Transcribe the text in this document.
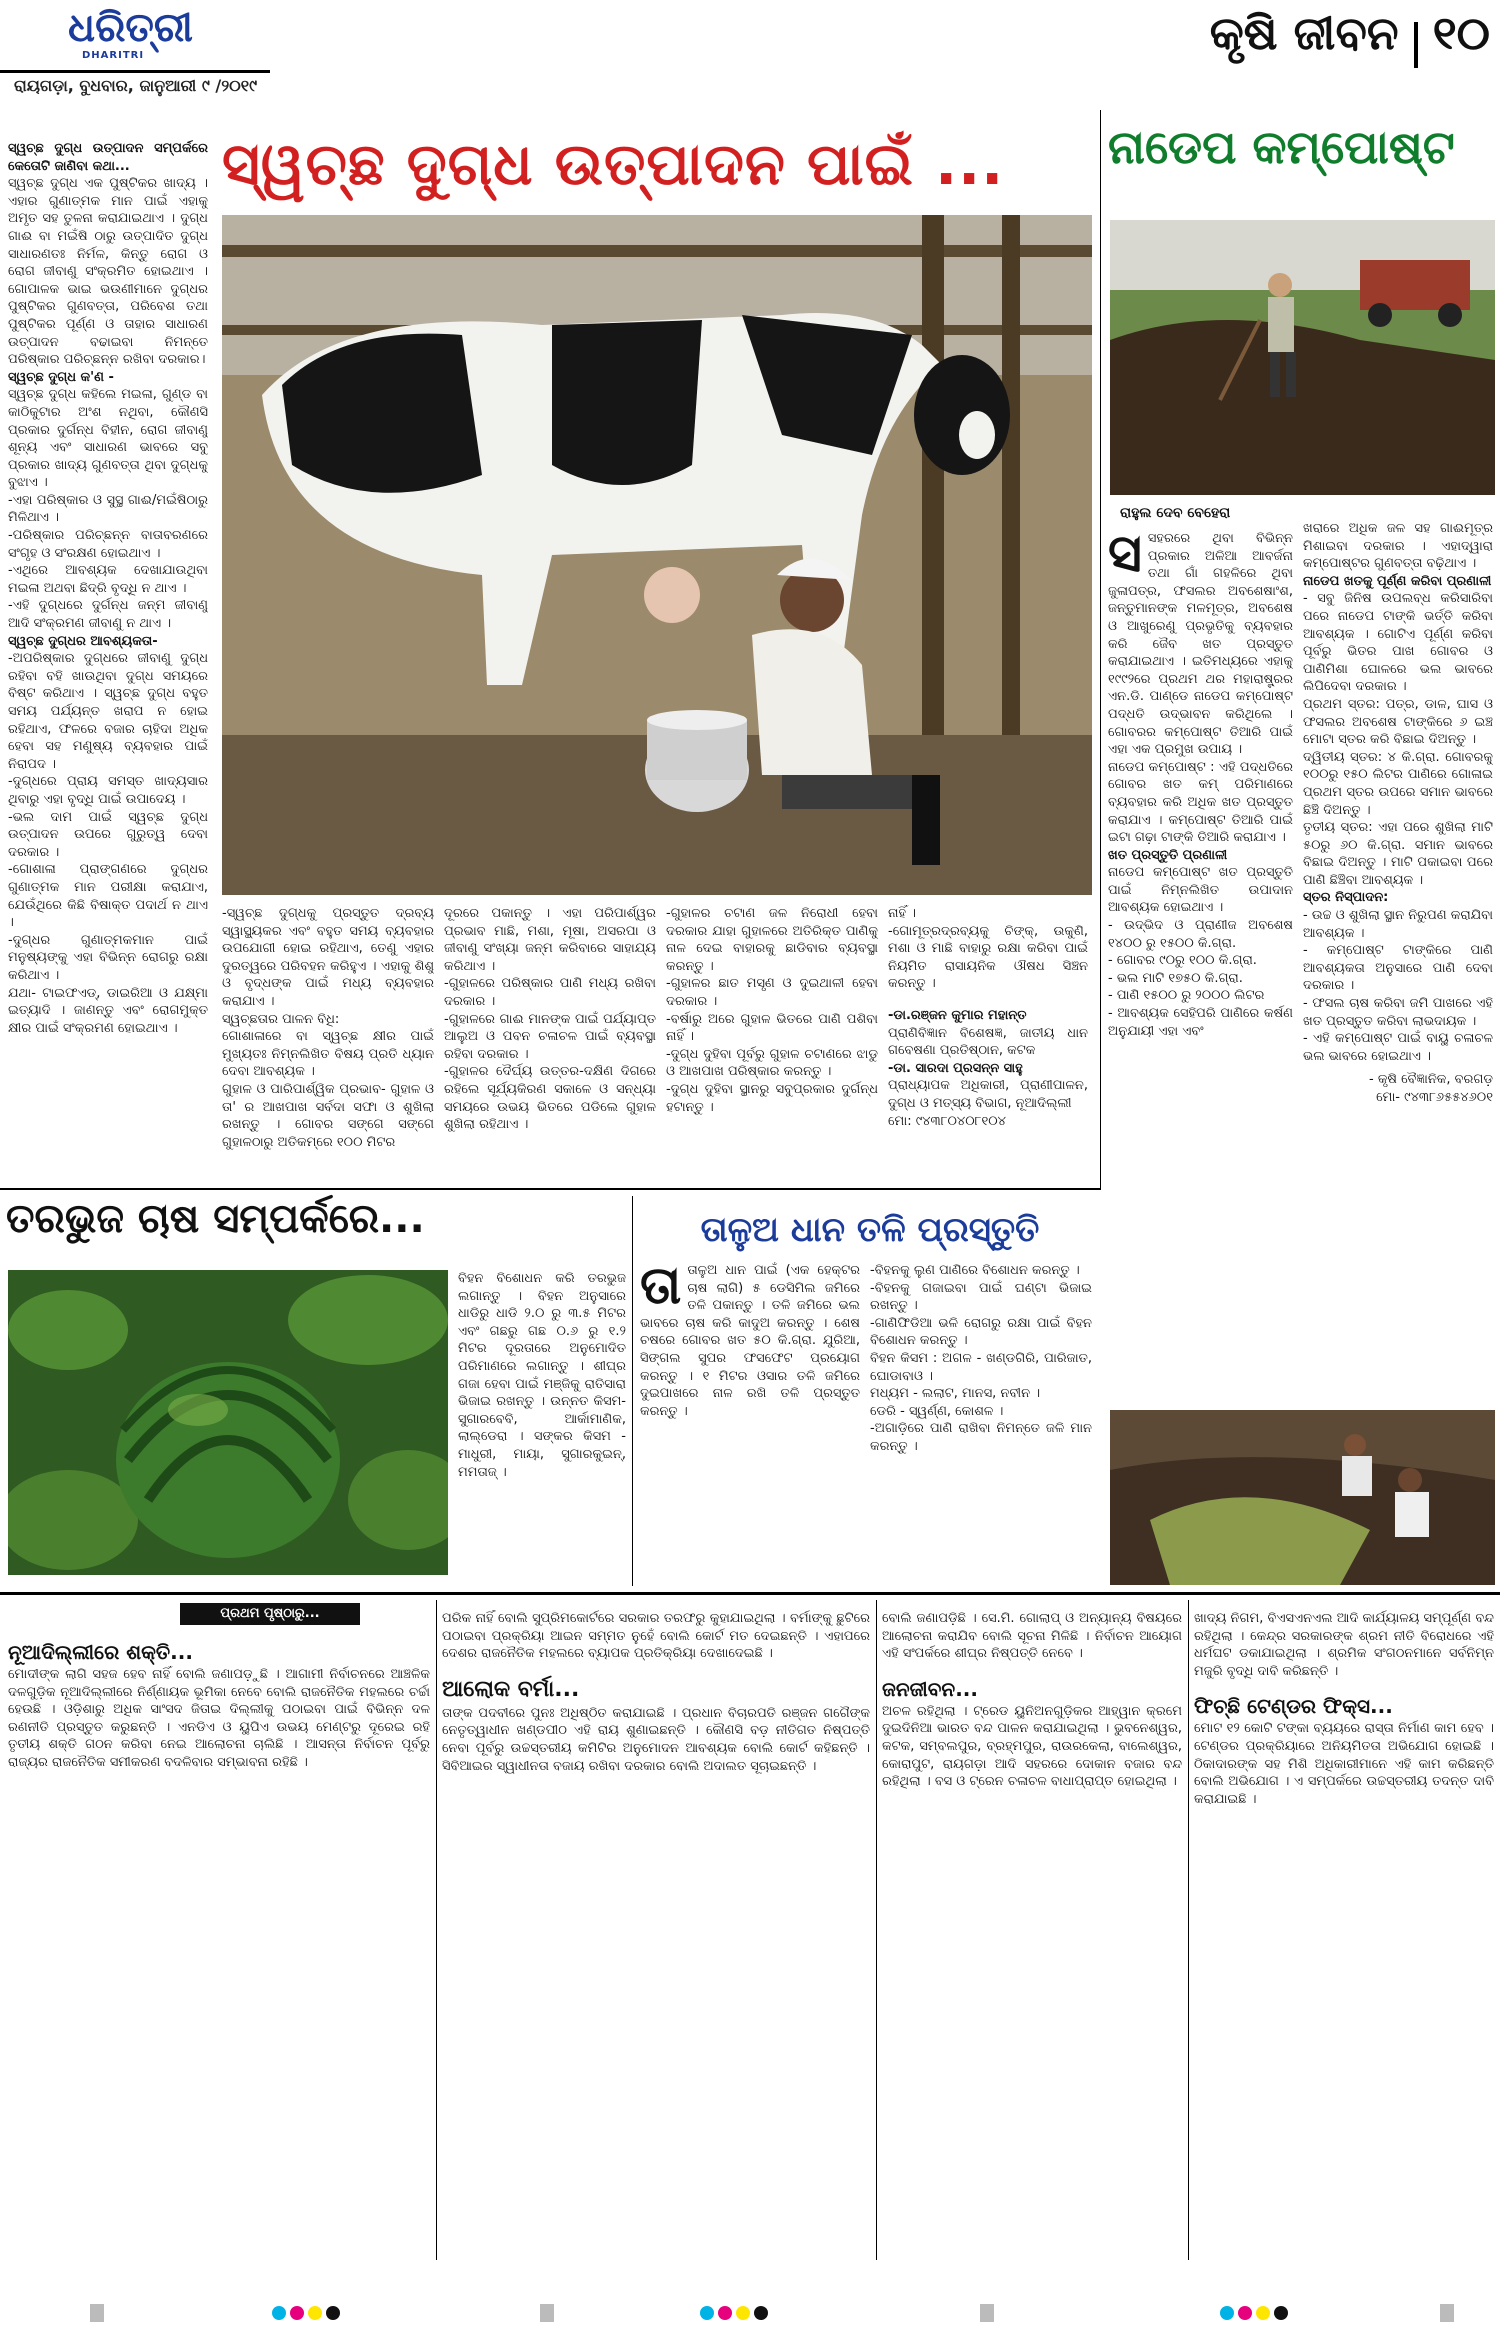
ଧରିତ୍ରୀ
DHARITRI
ରାୟଗଡ଼ା, ବୁଧବାର, ଜାନୁଆରୀ ୯ /୨୦୧୯
କୃଷି ଜୀବନ ୧୦

ସ୍ୱଚ୍ଛ ଦୁଗ୍ଧ ଉତ୍ପାଦନ ସମ୍ପର୍କରେ କେତୋଟି ଜାଣିବା କଥା...

ସ୍ୱଚ୍ଛ ଦୁଗ୍ଧ ଏକ ପୁଷ୍ଟିକର ଖାଦ୍ୟ । ଏହାର ଗୁଣାତ୍ମକ ମାନ ପାଇଁ ଏହାକୁ ଅମୃତ ସହ ତୁଳନା କରାଯାଇଥାଏ । ଦୁଗ୍ଧ ଗାଈ ବା ମଇଁଷି ଠାରୁ ଉତ୍ପାଦିତ ଦୁଗ୍ଧ ସାଧାରଣତଃ ନିର୍ମଳ, କିନ୍ତୁ ରୋଗ ଓ ରୋଗ ଜୀବାଣୁ ସଂକ୍ରମିତ ହୋଇଥାଏ । ଗୋପାଳକ ଭାଇ ଭଉଣୀମାନେ ଦୁଗ୍ଧର ପୁଷ୍ଟିକର ଗୁଣବତ୍ତା, ପରିବେଶ ତଥା ପୁଷ୍ଟିକର ପୂର୍ଣ୍ଣ ଓ ତାହାର ସାଧାରଣ ଉତ୍ପାଦନ ବଢାଇବା ନିମନ୍ତେ ପରିଷ୍କାର ପରିଚ୍ଛନ୍ନ ରଖିବା ଦରକାର।

ସ୍ୱଚ୍ଛ ଦୁଗ୍ଧ କ'ଣ -

ସ୍ୱଚ୍ଛ ଦୁଗ୍ଧ କହିଲେ ମଇଳା, ଗୁଣ୍ଡ ବା କାଠିକୁଟାର ଅଂଶ ନଥିବା, କୌଣସି ପ୍ରକାର ଦୁର୍ଗନ୍ଧ ବିହୀନ, ରୋଗ ଜୀବାଣୁ ଶୂନ୍ୟ ଏବଂ ସାଧାରଣ ଭାବରେ ସବୁ ପ୍ରକାର ଖାଦ୍ୟ ଗୁଣବତ୍ତା ଥିବା ଦୁଗ୍ଧକୁ ବୁଝାଏ ।

-ଏହା ପରିଷ୍କାର ଓ ସୁସ୍ଥ ଗାଈ/ମଇଁଷିଠାରୁ ମିଳିଥାଏ ।

-ପରିଷ୍କାର ପରିଚ୍ଛନ୍ନ ବାତାବରଣରେ ସଂଗୃହ ଓ ସଂରକ୍ଷଣ ହୋଇଥାଏ ।

-ଏଥିରେ ଆବଶ୍ୟକ ଦେଖାଯାଉଥିବା ମଇଳା ଅଥବା ଛିଦ୍ରି ବୃଦ୍ଧି ନ ଥାଏ ।

-ଏହି ଦୁଗ୍ଧରେ ଦୁର୍ଗନ୍ଧ ଜନ୍ମ ଜୀବାଣୁ ଆଦି ସଂକ୍ରମଣ ଜୀବାଣୁ ନ ଥାଏ ।

ସ୍ୱଚ୍ଛ ଦୁଗ୍ଧର ଆବଶ୍ୟକତା-

-ଅପରିଷ୍କାର ଦୁଗ୍ଧରେ ଜୀବାଣୁ ଦୁଗ୍ଧ ରହିବା ବହି ଖାଉଥିବା ଦୁଗ୍ଧ ସମୟରେ ବିଷ୍ଟ କରିଥାଏ । ସ୍ୱଚ୍ଛ ଦୁଗ୍ଧ ବହୁତ ସମୟ ପର୍ଯ୍ୟନ୍ତ ଖରାପ ନ ହୋଇ ରହିଥାଏ, ଫଳରେ ବଜାର ଚାହିଦା ଅଧିକ ହେବା ସହ ମଣୁଷ୍ୟ ବ୍ୟବହାର ପାଇଁ ନିରାପଦ ।

-ଦୁଗ୍ଧରେ ପ୍ରାୟ ସମସ୍ତ ଖାଦ୍ୟସାର ଥିବାରୁ ଏହା ବୃଦ୍ଧି ପାଇଁ ଉପାଦେୟ ।

-ଭଲ ଦାମ ପାଇଁ ସ୍ୱଚ୍ଛ ଦୁଗ୍ଧ ଉତ୍ପାଦନ ଉପରେ ଗୁରୁତ୍ୱ ଦେବା ଦରକାର ।

-ଗୋଶାଳା ପ୍ରାଙ୍ଗଣରେ ଦୁଗ୍ଧର ଗୁଣାତ୍ମକ ମାନ ପରୀକ୍ଷା କରାଯାଏ, ଯେଉଁଥିରେ କିଛି ବିଷାକ୍ତ ପଦାର୍ଥ ନ ଥାଏ ।

-ଦୁଗ୍ଧର ଗୁଣାତ୍ମକମାନ ପାଇଁ ମନୁଷ୍ୟଙ୍କୁ ଏହା ବିଭିନ୍ନ ରୋଗରୁ ରକ୍ଷା କରିଥାଏ ।

ଯଥା- ଟାଇଫଏଡ୍, ଡାଇରିଆ ଓ ଯକ୍ଷ୍ମା ଇତ୍ୟାଦି । ଜାଣନ୍ତୁ ଏବଂ ରୋଗମୁକ୍ତ କ୍ଷୀର ପାଇଁ ସଂକ୍ରମଣ ହୋଇଥାଏ ।

ସ୍ୱଚ୍ଛ ଦୁଗ୍ଧ ଉତ୍ପାଦନ ପାଇଁ ...
-ସ୍ୱଚ୍ଛ ଦୁଗ୍ଧକୁ ପ୍ରସ୍ତୁତ ଦ୍ରବ୍ୟ ସ୍ୱାସ୍ଥ୍ୟକର ଏବଂ ବହୁତ ସମୟ ବ୍ୟବହାର ଉପଯୋଗୀ ହୋଇ ରହିଥାଏ, ତେଣୁ ଏହାର ଦୁରତ୍ୱରେ ପରିବହନ କରିହୁଏ । ଏହାକୁ ଶିଶୁ ଓ ବୃଦ୍ଧଙ୍କ ପାଇଁ ମଧ୍ୟ ବ୍ୟବହାର କରାଯାଏ ।
ସ୍ୱଚ୍ଛତାର ପାଳନ ବିଧି:
ଗୋଶାଳାରେ ବା ସ୍ୱଚ୍ଛ କ୍ଷୀର ପାଇଁ ମୁଖ୍ୟତଃ ନିମ୍ନଲିଖିତ ବିଷୟ ପ୍ରତି ଧ୍ୟାନ ଦେବା ଆବଶ୍ୟକ ।
ଗୁହାଳ ଓ ପାରିପାର୍ଶ୍ୱିକ ପ୍ରଭାବ- ଗୁହାଳ ଓ ତା' ର ଆଖପାଖ ସର୍ବଦା ସଫା ଓ ଶୁଖିଲା ରଖନ୍ତୁ । ଗୋବର ସଙ୍ଗେ ସଙ୍ଗେ ଗୁହାଳଠାରୁ ଅତିକମ୍‌ରେ ୧୦୦ ମିଟର
ଦୂରରେ ପକାନ୍ତୁ । ଏହା ପରିପାର୍ଶ୍ୱର ପ୍ରଭାବ ମାଛି, ମଶା, ମୂଷା, ଅସରପା ଓ ଜୀବାଣୁ ସଂଖ୍ୟା ଜନ୍ମ କରିବାରେ ସାହାଯ୍ୟ କରିଥାଏ ।
-ଗୁହାଳରେ ପରିଷ୍କାର ପାଣି ମଧ୍ୟ ରଖିବା ଦରକାର ।
-ଗୁହାଳରେ ଗାଈ ମାନଙ୍କ ପାଇଁ ପର୍ଯ୍ୟାପ୍ତ ଆଲୁଅ ଓ ପବନ ଚଳାଚଳ ପାଇଁ ବ୍ୟବସ୍ଥା ରହିବା ଦରକାର ।
-ଗୁହାଳର ଦୈର୍ଘ୍ୟ ଉତ୍ତର-ଦକ୍ଷିଣ ଦିଗରେ ରହିଲେ ସୂର୍ଯ୍ୟକିରଣ ସକାଳେ ଓ ସନ୍ଧ୍ୟା ସମୟରେ ଉଭୟ ଭିତରେ ପଡିଲେ ଗୁହାଳ ଶୁଖିଲା ରହିଥାଏ ।
-ଗୁହାଳର ଚଟାଣ ଜଳ ନିରୋଧୀ ହେବା ଦରକାର ଯାହା ଗୁହାଳରେ ଅତିରିକ୍ତ ପାଣିକୁ ନାଳ ଦେଇ ବାହାରକୁ ଛାଡିବାର ବ୍ୟବସ୍ଥା କରନ୍ତୁ ।
-ଗୁହାଳର ଛାତ ମସୃଣ ଓ ଦୁଇଥାଳୀ ହେବା ଦରକାର ।
-ବର୍ଷାରୁ ଅରେ ଗୁହାଳ ଭିତରେ ପାଣି ପଶିବା ନାହିଁ ।
-ଦୁଗ୍ଧ ଦୁହିବା ପୂର୍ବରୁ ଗୁହାଳ ଚଟାଣରେ ଝାଡୁ ଓ ଆଖପାଖ ପରିଷ୍କାର କରନ୍ତୁ ।
-ଦୁଗ୍ଧ ଦୁହିବା ସ୍ଥାନରୁ ସବୁପ୍ରକାର ଦୁର୍ଗନ୍ଧ ହଟାନ୍ତୁ ।

ନାହିଁ ।
-ଗୋମୂତ୍ରଦ୍ରବ୍ୟକୁ ଚିଙ୍କ୍, ଉକୁଣି, ମଶା ଓ ମାଛି ବାହାରୁ ରକ୍ଷା କରିବା ପାଇଁ ନିୟମିତ ରାସାୟନିକ ଔଷଧ ସିଞ୍ଚନ କରନ୍ତୁ ।

-ଡା.ରଞ୍ଜନ କୁମାର ମହାନ୍ତ

ପ୍ରାଣିବିଜ୍ଞାନ ବିଶେଷଜ୍ଞ, ଜାତୀୟ ଧାନ ଗବେଷଣା ପ୍ରତିଷ୍ଠାନ, କଟକ

-ଡା. ସାରଦା ପ୍ରସନ୍ନ ସାହୁ

ପ୍ରାଧ୍ୟାପକ ଅଧିକାରୀ, ପ୍ରାଣୀପାଳନ, ଦୁଗ୍ଧ ଓ ମତ୍ସ୍ୟ ବିଭାଗ, ନୂଆଦିଲ୍ଲୀ

ମୋ: ୯୪୩୮୦୪୦୮୧୦୪

ନାଡେପ କମ୍ପୋଷ୍ଟ
ରାହୁଲ ଦେବ ବେହେରା
ସ ସହରରେ ଥିବା ବିଭିନ୍ନ ପ୍ରକାର ଅଳିଆ ଆବର୍ଜନା ତଥା ଗାଁ ଗହଳିରେ ଥିବା ଜୁଳାପତ୍ର, ଫସଲର ଅବଶେଷାଂଶ, ଜନ୍ତୁମାନଙ୍କ ମଳମୂତ୍ର, ଅବଶେଷ ଓ ଆଖୁରେଣୁ ପ୍ରଭୃତିକୁ ବ୍ୟବହାର କରି ଜୈବ ଖତ ପ୍ରସ୍ତୁତ କରାଯାଇଥାଏ । ଇତିମଧ୍ୟରେ ଏହାକୁ ୧୯୯୨ରେ ପ୍ରଥମ ଥର ମହାରାଷ୍ଟ୍ରର ଏନ.ଡି. ପାଣ୍ଡେ ନାଡେପ କମ୍ପୋଷ୍ଟ ପଦ୍ଧତି ଉଦ୍ଭାବନ କରିଥିଲେ । ଗୋବରର କମ୍ପୋଷ୍ଟ ତିଆରି ପାଇଁ ଏହା ଏକ ପ୍ରମୁଖ ଉପାୟ ।

ନାଡେପ କମ୍ପୋଷ୍ଟ : ଏହି ପଦ୍ଧତିରେ ଗୋବର ଖତ କମ୍ ପରିମାଣରେ ବ୍ୟବହାର କରି ଅଧିକ ଖତ ପ୍ରସ୍ତୁତ କରାଯାଏ । କମ୍ପୋଷ୍ଟ ତିଆରି ପାଇଁ ଇଟା ଗଢ଼ା ଟାଙ୍କି ତିଆରି କରାଯାଏ ।

ଖତ ପ୍ରସ୍ତୁତି ପ୍ରଣାଳୀ

ନାଡେପ କମ୍ପୋଷ୍ଟ ଖତ ପ୍ରସ୍ତୁତି ପାଇଁ ନିମ୍ନଲିଖିତ ଉପାଦାନ ଆବଶ୍ୟକ ହୋଇଥାଏ ।

- ଉଦ୍ଭିଦ ଓ ପ୍ରାଣୀଜ ଅବଶେଷ ୧୪୦୦ ରୁ ୧୫୦୦ କି.ଗ୍ରା.

- ଗୋବର ୯୦ରୁ ୧୦୦ କି.ଗ୍ରା.

- ଭଲ ମାଟି ୧୭୫୦ କି.ଗ୍ରା.

- ପାଣି ୧୫୦୦ ରୁ ୨୦୦୦ ଲିଟର

- ଆବଶ୍ୟକ ସେହିପରି ପାଣିରେ କର୍ଷଣ ଅନୁଯାୟୀ ଏହା ଏବଂ

ଖରାରେ ଅଧିକ ଜଳ ସହ ଗାଈମୂତ୍ର ମିଶାଇବା ଦରକାର । ଏହାଦ୍ୱାରା କମ୍ପୋଷ୍ଟର ଗୁଣବତ୍ତା ବଢ଼ିଥାଏ ।

ନାଡେପ ଖତକୁ ପୂର୍ଣ୍ଣ କରିବା ପ୍ରଣାଳୀ

- ସବୁ ଜିନିଷ ଉପଲବ୍ଧ କରିସାରିବା ପରେ ନାଡେପ ଟାଙ୍କି ଭର୍ତ୍ତି କରିବା ଆବଶ୍ୟକ । ଗୋଟିଏ ପୂର୍ଣ୍ଣ କରିବା ପୂର୍ବରୁ ଭିତର ପାଖ ଗୋବର ଓ ପାଣିମିଶା ଘୋଳରେ ଭଲ ଭାବରେ ଲିପିଦେବା ଦରକାର ।

ପ୍ରଥମ ସ୍ତର: ପତ୍ର, ଡାଳ, ଘାସ ଓ ଫସଲର ଅବଶେଷ ଟାଙ୍କିରେ ୬ ଇଞ୍ଚ ମୋଟା ସ୍ତର କରି ବିଛାଇ ଦିଅନ୍ତୁ ।

ଦ୍ୱିତୀୟ ସ୍ତର: ୪ କି.ଗ୍ରା. ଗୋବରକୁ ୧୦୦ରୁ ୧୫୦ ଲିଟର ପାଣିରେ ଗୋଳାଇ ପ୍ରଥମ ସ୍ତର ଉପରେ ସମାନ ଭାବରେ ଛିଞ୍ଚି ଦିଅନ୍ତୁ ।

ତୃତୀୟ ସ୍ତର: ଏହା ପରେ ଶୁଖିଲା ମାଟି ୫୦ରୁ ୬୦ କି.ଗ୍ରା. ସମାନ ଭାବରେ ବିଛାଇ ଦିଅନ୍ତୁ । ମାଟି ପକାଇବା ପରେ ପାଣି ଛିଞ୍ଚିବା ଆବଶ୍ୟକ ।

ସ୍ତର ନିସ୍ପାଦନ:

- ଉଚ୍ଚ ଓ ଶୁଖିଲା ସ୍ଥାନ ନିରୁପଣ କରାଯିବା ଆବଶ୍ୟକ ।

- କମ୍ପୋଷ୍ଟ ଟାଙ୍କିରେ ପାଣି ଆବଶ୍ୟକତା ଅନୁସାରେ ପାଣି ଦେବା ଦରକାର ।

- ଫସଲ ଚାଷ କରିବା ଜମି ପାଖରେ ଏହି ଖତ ପ୍ରସ୍ତୁତ କରିବା ଲାଭଦାୟକ ।

- ଏହି କମ୍ପୋଷ୍ଟ ପାଇଁ ବାୟୁ ଚଳାଚଳ ଭଲ ଭାବରେ ହୋଇଥାଏ ।

- କୃଷି ବୈଜ୍ଞାନିକ, ବରଗଡ଼

ମୋ- ୯୪୩୮୬୫୫୪୬୦୧

ତରଭୁଜ ଚାଷ ସମ୍ପର୍କରେ...
ବିହନ ବିଶୋଧନ କରି ତରଭୁଜ ଲଗାନ୍ତୁ । ବିହନ ଅନୁସାରେ ଧାଡିରୁ ଧାଡି ୨.୦ ରୁ ୩.୫ ମିଟର ଏବଂ ଗଛରୁ ଗଛ ୦.୬ ରୁ ୧.୨ ମିଟର ଦୂରତାରେ ଅନୁମୋଦିତ ପରିମାଣରେ ଲଗାନ୍ତୁ । ଶୀଘ୍ର ଗଜା ହେବା ପାଇଁ ମଞ୍ଜିକୁ ରାତିସାରା ଭିଜାଇ ରଖନ୍ତୁ । ଉନ୍ନତ କିସମ- ସୁଗାରବେବି, ଆର୍କାମାଣିକ, ଲାଲ୍‌ଡେରା । ସଙ୍କର କିସମ - ମାଧୁରୀ, ମାୟା, ସୁଗାରକୁଇନ୍, ମମତାଜ୍ ।
ତାଳୁଅ ଧାନ ତଳି ପ୍ରସ୍ତୁତି
ତା ତାଳୁଅ ଧାନ ପାଇଁ (ଏକ ହେକ୍ଟର ଚାଷ ଲାଗି) ୫ ଡେସିମିଲ ଜମିରେ ତଳି ପକାନ୍ତୁ । ତଳି ଜମିରେ ଭଲ ଭାବରେ ଚାଷ କରି କାଦୁଅ କରନ୍ତୁ । ଶେଷ ଚଷରେ ଗୋବର ଖତ ୫୦ କି.ଗ୍ରା. ଯୁରିଆ, ସିଙ୍ଗଲ ସୁପର ଫସଫେଟ ପ୍ରୟୋଗ କରନ୍ତୁ । ୧ ମିଟର ଓସାର ତଳି ଜମିରେ ଦୁଇପାଖରେ ନାଳ ରଖି ତଳି ପ୍ରସ୍ତୁତ କରନ୍ତୁ ।

-ବିହନକୁ ଲୁଣ ପାଣିରେ ବିଶୋଧନ କରନ୍ତୁ ।
-ବିହନକୁ ଗଜାଇବା ପାଇଁ ଘଣ୍ଟା ଭିଜାଇ ରଖନ୍ତୁ ।
-ଗାଣିଫିଡିଆ ଭଳି ରୋଗରୁ ରକ୍ଷା ପାଇଁ ବିହନ ବିଶୋଧନ କରନ୍ତୁ ।
ବିହନ କିସମ : ଅଗଳ - ଖଣ୍ଡଗିରି, ପାରିଜାତ, ଘୋଡାବାଓ ।
ମଧ୍ୟମ - ଲଲାଟ, ମାନସ, ନବୀନ ।
ଡେରି - ସ୍ୱର୍ଣ୍ଣ, କୋଶଳ ।
-ଅଗାଡ଼ିରେ ପାଣି ରାଖିବା ନିମନ୍ତେ ଜଳି ମାନ କରନ୍ତୁ ।
ପ୍ରଥମ ପୃଷ୍ଠାରୁ...

ନୂଆଦିଲ୍ଲୀରେ ଶକ୍ତି...

ମୋଦୀଙ୍କ ଲାଗି ସହଜ ହେବ ନାହିଁ ବୋଲି ଜଣାପଡ଼ୁଛି । ଆଗାମୀ ନିର୍ବାଚନରେ ଆଞ୍ଚଳିକ ଦଳଗୁଡ଼ିକ ନୂଆଦିଲ୍ଲୀରେ ନିର୍ଣ୍ଣାୟକ ଭୂମିକା ନେବେ ବୋଲି ରାଜନୈତିକ ମହଲରେ ଚର୍ଚ୍ଚା ହେଉଛି । ଓଡ଼ିଶାରୁ ଅଧିକ ସାଂସଦ ଜିତାଇ ଦିଲ୍ଲୀକୁ ପଠାଇବା ପାଇଁ ବିଭିନ୍ନ ଦଳ ରଣନୀତି ପ୍ରସ୍ତୁତ କରୁଛନ୍ତି । ଏନଡିଏ ଓ ୟୁପିଏ ଉଭୟ ମେଣ୍ଟରୁ ଦୂରେଇ ରହି ତୃତୀୟ ଶକ୍ତି ଗଠନ କରିବା ନେଇ ଆଲୋଚନା ଚାଲିଛି । ଆସନ୍ତା ନିର୍ବାଚନ ପୂର୍ବରୁ ରାଜ୍ୟର ରାଜନୈତିକ ସମୀକରଣ ବଦଳିବାର ସମ୍ଭାବନା ରହିଛି ।

ପରିକ ନାହିଁ ବୋଲି ସୁପ୍ରିମକୋର୍ଟରେ ସରକାର ତରଫରୁ କୁହାଯାଇଥିଲା । ବର୍ମାଙ୍କୁ ଛୁଟିରେ ପଠାଇବା ପ୍ରକ୍ରିୟା ଆଇନ ସମ୍ମତ ନୁହେଁ ବୋଲି କୋର୍ଟ ମତ ଦେଇଛନ୍ତି । ଏହାପରେ ଦେଶର ରାଜନୈତିକ ମହଲରେ ବ୍ୟାପକ ପ୍ରତିକ୍ରିୟା ଦେଖାଦେଇଛି ।

ଆଲୋକ ବର୍ମା...

ତାଙ୍କ ପଦବୀରେ ପୁନଃ ଅଧିଷ୍ଠିତ କରାଯାଇଛି । ପ୍ରଧାନ ବିଚାରପତି ରଞ୍ଜନ ଗଗୈଙ୍କ ନେତୃତ୍ୱାଧୀନ ଖଣ୍ଡପୀଠ ଏହି ରାୟ ଶୁଣାଇଛନ୍ତି । କୌଣସି ବଡ଼ ନୀତିଗତ ନିଷ୍ପତ୍ତି ନେବା ପୂର୍ବରୁ ଉଚ୍ଚସ୍ତରୀୟ କମିଟିର ଅନୁମୋଦନ ଆବଶ୍ୟକ ବୋଲି କୋର୍ଟ କହିଛନ୍ତି । ସିବିଆଇର ସ୍ୱାଧୀନତା ବଜାୟ ରଖିବା ଦରକାର ବୋଲି ଅଦାଲତ ସୂଚାଇଛନ୍ତି ।

ବୋଲି ଜଣାପଡ଼ିଛି । ସେ.ମି. ଗୋଲାପ୍ ଓ ଅନ୍ୟାନ୍ୟ ବିଷୟରେ ଆଲୋଚନା କରାଯିବ ବୋଲି ସୂଚନା ମିଳିଛି । ନିର୍ବାଚନ ଆୟୋଗ ଏହି ସଂପର୍କରେ ଶୀଘ୍ର ନିଷ୍ପତ୍ତି ନେବେ ।

ଜନଜୀବନ...

ଅଚଳ ରହିଥିଲା । ଟ୍ରେଡ ୟୁନିଅନଗୁଡ଼ିକର ଆହ୍ୱାନ କ୍ରମେ ଦୁଇଦିନିଆ ଭାରତ ବନ୍ଦ ପାଳନ କରାଯାଇଥିଲା । ଭୁବନେଶ୍ୱର, କଟକ, ସମ୍ବଲପୁର, ବ୍ରହ୍ମପୁର, ରାଉରକେଲା, ବାଲେଶ୍ୱର, କୋରାପୁଟ, ରାୟଗଡ଼ା ଆଦି ସହରରେ ଦୋକାନ ବଜାର ବନ୍ଦ ରହିଥିଲା । ବସ ଓ ଟ୍ରେନ ଚଳାଚଳ ବାଧାପ୍ରାପ୍ତ ହୋଇଥିଲା ।

ଖାଦ୍ୟ ନିଗମ, ବିଏସଏନଏଲ ଆଦି କାର୍ଯ୍ୟାଳୟ ସମ୍ପୂର୍ଣ୍ଣ ବନ୍ଦ ରହିଥିଲା । କେନ୍ଦ୍ର ସରକାରଙ୍କ ଶ୍ରମ ନୀତି ବିରୋଧରେ ଏହି ଧର୍ମଘଟ ଡକାଯାଇଥିଲା । ଶ୍ରମିକ ସଂଗଠନମାନେ ସର୍ବନିମ୍ନ ମଜୁରି ବୃଦ୍ଧି ଦାବି କରିଛନ୍ତି ।

ଫିଚ୍ଛି ଟେଣ୍ଡର ଫିକ୍ସ...

ମୋଟ ୧୨ କୋଟି ଟଙ୍କା ବ୍ୟୟରେ ରାସ୍ତା ନିର୍ମାଣ କାମ ହେବ । ଟେଣ୍ଡର ପ୍ରକ୍ରିୟାରେ ଅନିୟମିତତା ଅଭିଯୋଗ ହୋଇଛି । ଠିକାଦାରଙ୍କ ସହ ମିଶି ଅଧିକାରୀମାନେ ଏହି କାମ କରିଛନ୍ତି ବୋଲି ଅଭିଯୋଗ । ଏ ସମ୍ପର୍କରେ ଉଚ୍ଚସ୍ତରୀୟ ତଦନ୍ତ ଦାବି କରାଯାଇଛି ।
